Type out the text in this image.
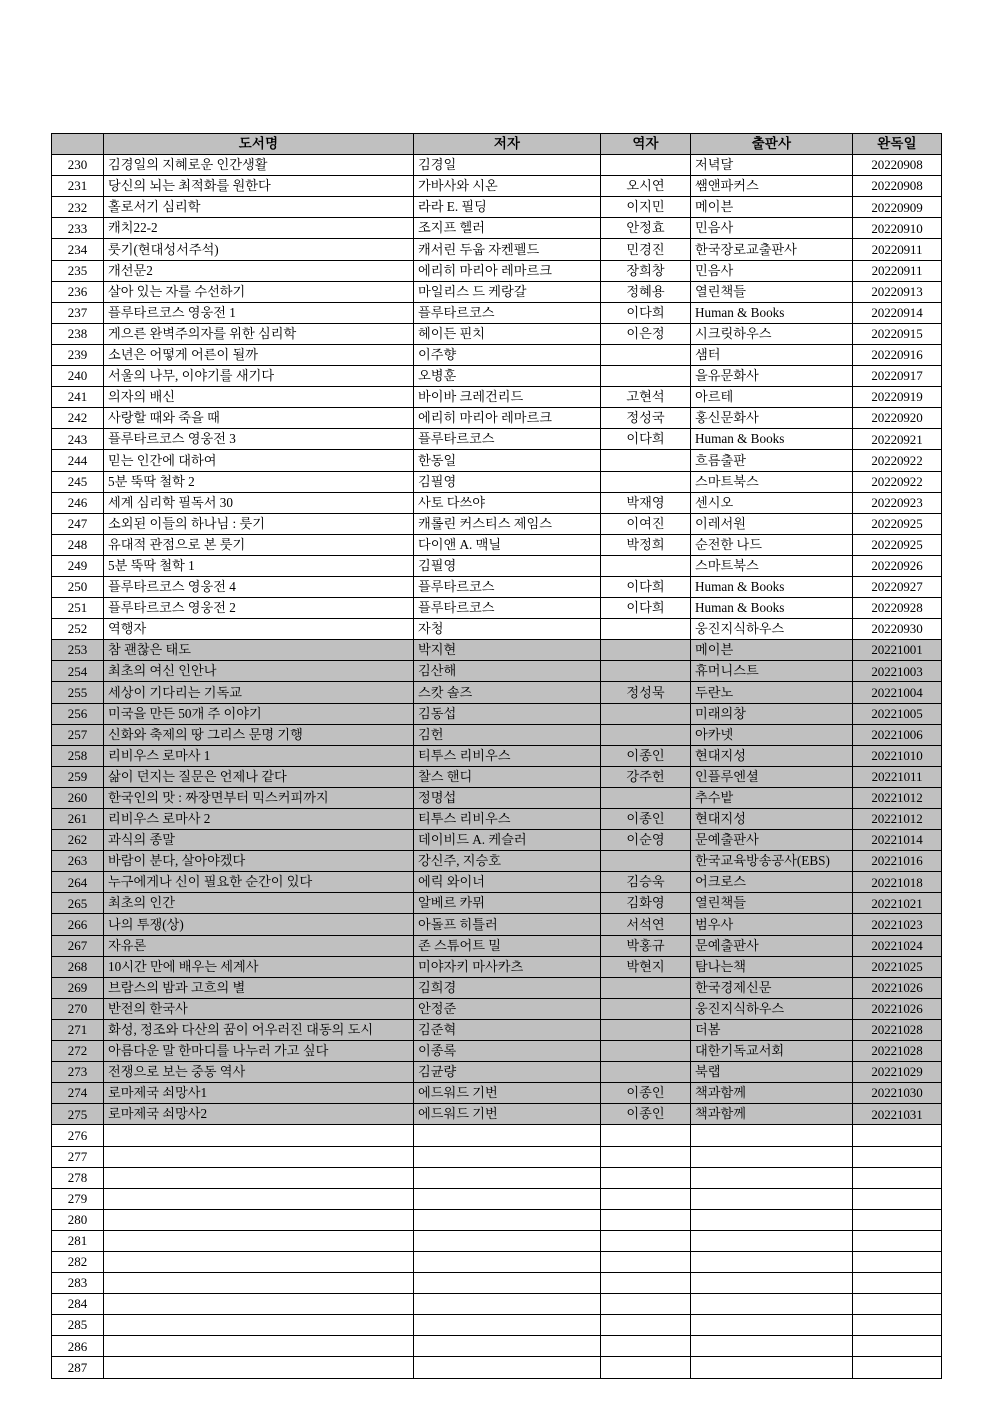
	도서명	저자	역자	출판사	완독일
230	김경일의 지혜로운 인간생활	김경일		저녁달	20220908
231	당신의 뇌는 최적화를 원한다	가바사와 시온	오시연	쌤앤파커스	20220908
232	홀로서기 심리학	라라 E. 필딩	이지민	메이븐	20220909
233	캐치22-2	조지프 헬러	안정효	민음사	20220910
234	룻기(현대성서주석)	캐서린 두웁 자켄펠드	민경진	한국장로교출판사	20220911
235	개선문2	에리히 마리아 레마르크	장희창	민음사	20220911
236	살아 있는 자를 수선하기	마일리스 드 케랑갈	정혜용	열린책들	20220913
237	플루타르코스 영웅전 1	플루타르코스	이다희	Human & Books	20220914
238	게으른 완벽주의자를 위한 심리학	헤이든 핀치	이은정	시크릿하우스	20220915
239	소년은 어떻게 어른이 될까	이주향		샘터	20220916
240	서울의 나무, 이야기를 새기다	오병훈		을유문화사	20220917
241	의자의 배신	바이바 크레건리드	고현석	아르테	20220919
242	사랑할 때와 죽을 때	에리히 마리아 레마르크	정성국	홍신문화사	20220920
243	플루타르코스 영웅전 3	플루타르코스	이다희	Human & Books	20220921
244	믿는 인간에 대하여	한동일		흐름출판	20220922
245	5분 뚝딱 철학 2	김필영		스마트북스	20220922
246	세계 심리학 필독서 30	사토 다쓰야	박재영	센시오	20220923
247	소외된 이들의 하나님 : 룻기	캐롤린 커스티스 제임스	이여진	이레서원	20220925
248	유대적 관점으로 본 룻기	다이앤 A. 맥닐	박정희	순전한 나드	20220925
249	5분 뚝딱 철학 1	김필영		스마트북스	20220926
250	플루타르코스 영웅전 4	플루타르코스	이다희	Human & Books	20220927
251	플루타르코스 영웅전 2	플루타르코스	이다희	Human & Books	20220928
252	역행자	자청		웅진지식하우스	20220930
253	참 괜찮은 태도	박지현		메이븐	20221001
254	최초의 여신 인안나	김산해		휴머니스트	20221003
255	세상이 기다리는 기독교	스캇 솔즈	정성묵	두란노	20221004
256	미국을 만든 50개 주 이야기	김동섭		미래의창	20221005
257	신화와 축제의 땅 그리스 문명 기행	김헌		아카넷	20221006
258	리비우스 로마사 1	티투스 리비우스	이종인	현대지성	20221010
259	삶이 던지는 질문은 언제나 같다	찰스 핸디	강주헌	인플루엔셜	20221011
260	한국인의 맛 : 짜장면부터 믹스커피까지	정명섭		추수밭	20221012
261	리비우스 로마사 2	티투스 리비우스	이종인	현대지성	20221012
262	과식의 종말	데이비드 A. 케슬러	이순영	문예출판사	20221014
263	바람이 분다, 살아야겠다	강신주, 지승호		한국교육방송공사(EBS)	20221016
264	누구에게나 신이 필요한 순간이 있다	에릭 와이너	김승욱	어크로스	20221018
265	최초의 인간	알베르 카뮈	김화영	열린책들	20221021
266	나의 투쟁(상)	아돌프 히틀러	서석연	범우사	20221023
267	자유론	존 스튜어트 밀	박홍규	문예출판사	20221024
268	10시간 만에 배우는 세계사	미야자키 마사카츠	박현지	탐나는책	20221025
269	브람스의 밤과 고흐의 별	김희경		한국경제신문	20221026
270	반전의 한국사	안정준		웅진지식하우스	20221026
271	화성, 정조와 다산의 꿈이 어우러진 대동의 도시	김준혁		더봄	20221028
272	아름다운 말 한마디를 나누러 가고 싶다	이종록		대한기독교서회	20221028
273	전쟁으로 보는 중동 역사	김균량		북랩	20221029
274	로마제국 쇠망사1	에드워드 기번	이종인	책과함께	20221030
275	로마제국 쇠망사2	에드워드 기번	이종인	책과함께	20221031
276					
277					
278					
279					
280					
281					
282					
283					
284					
285					
286					
287					
